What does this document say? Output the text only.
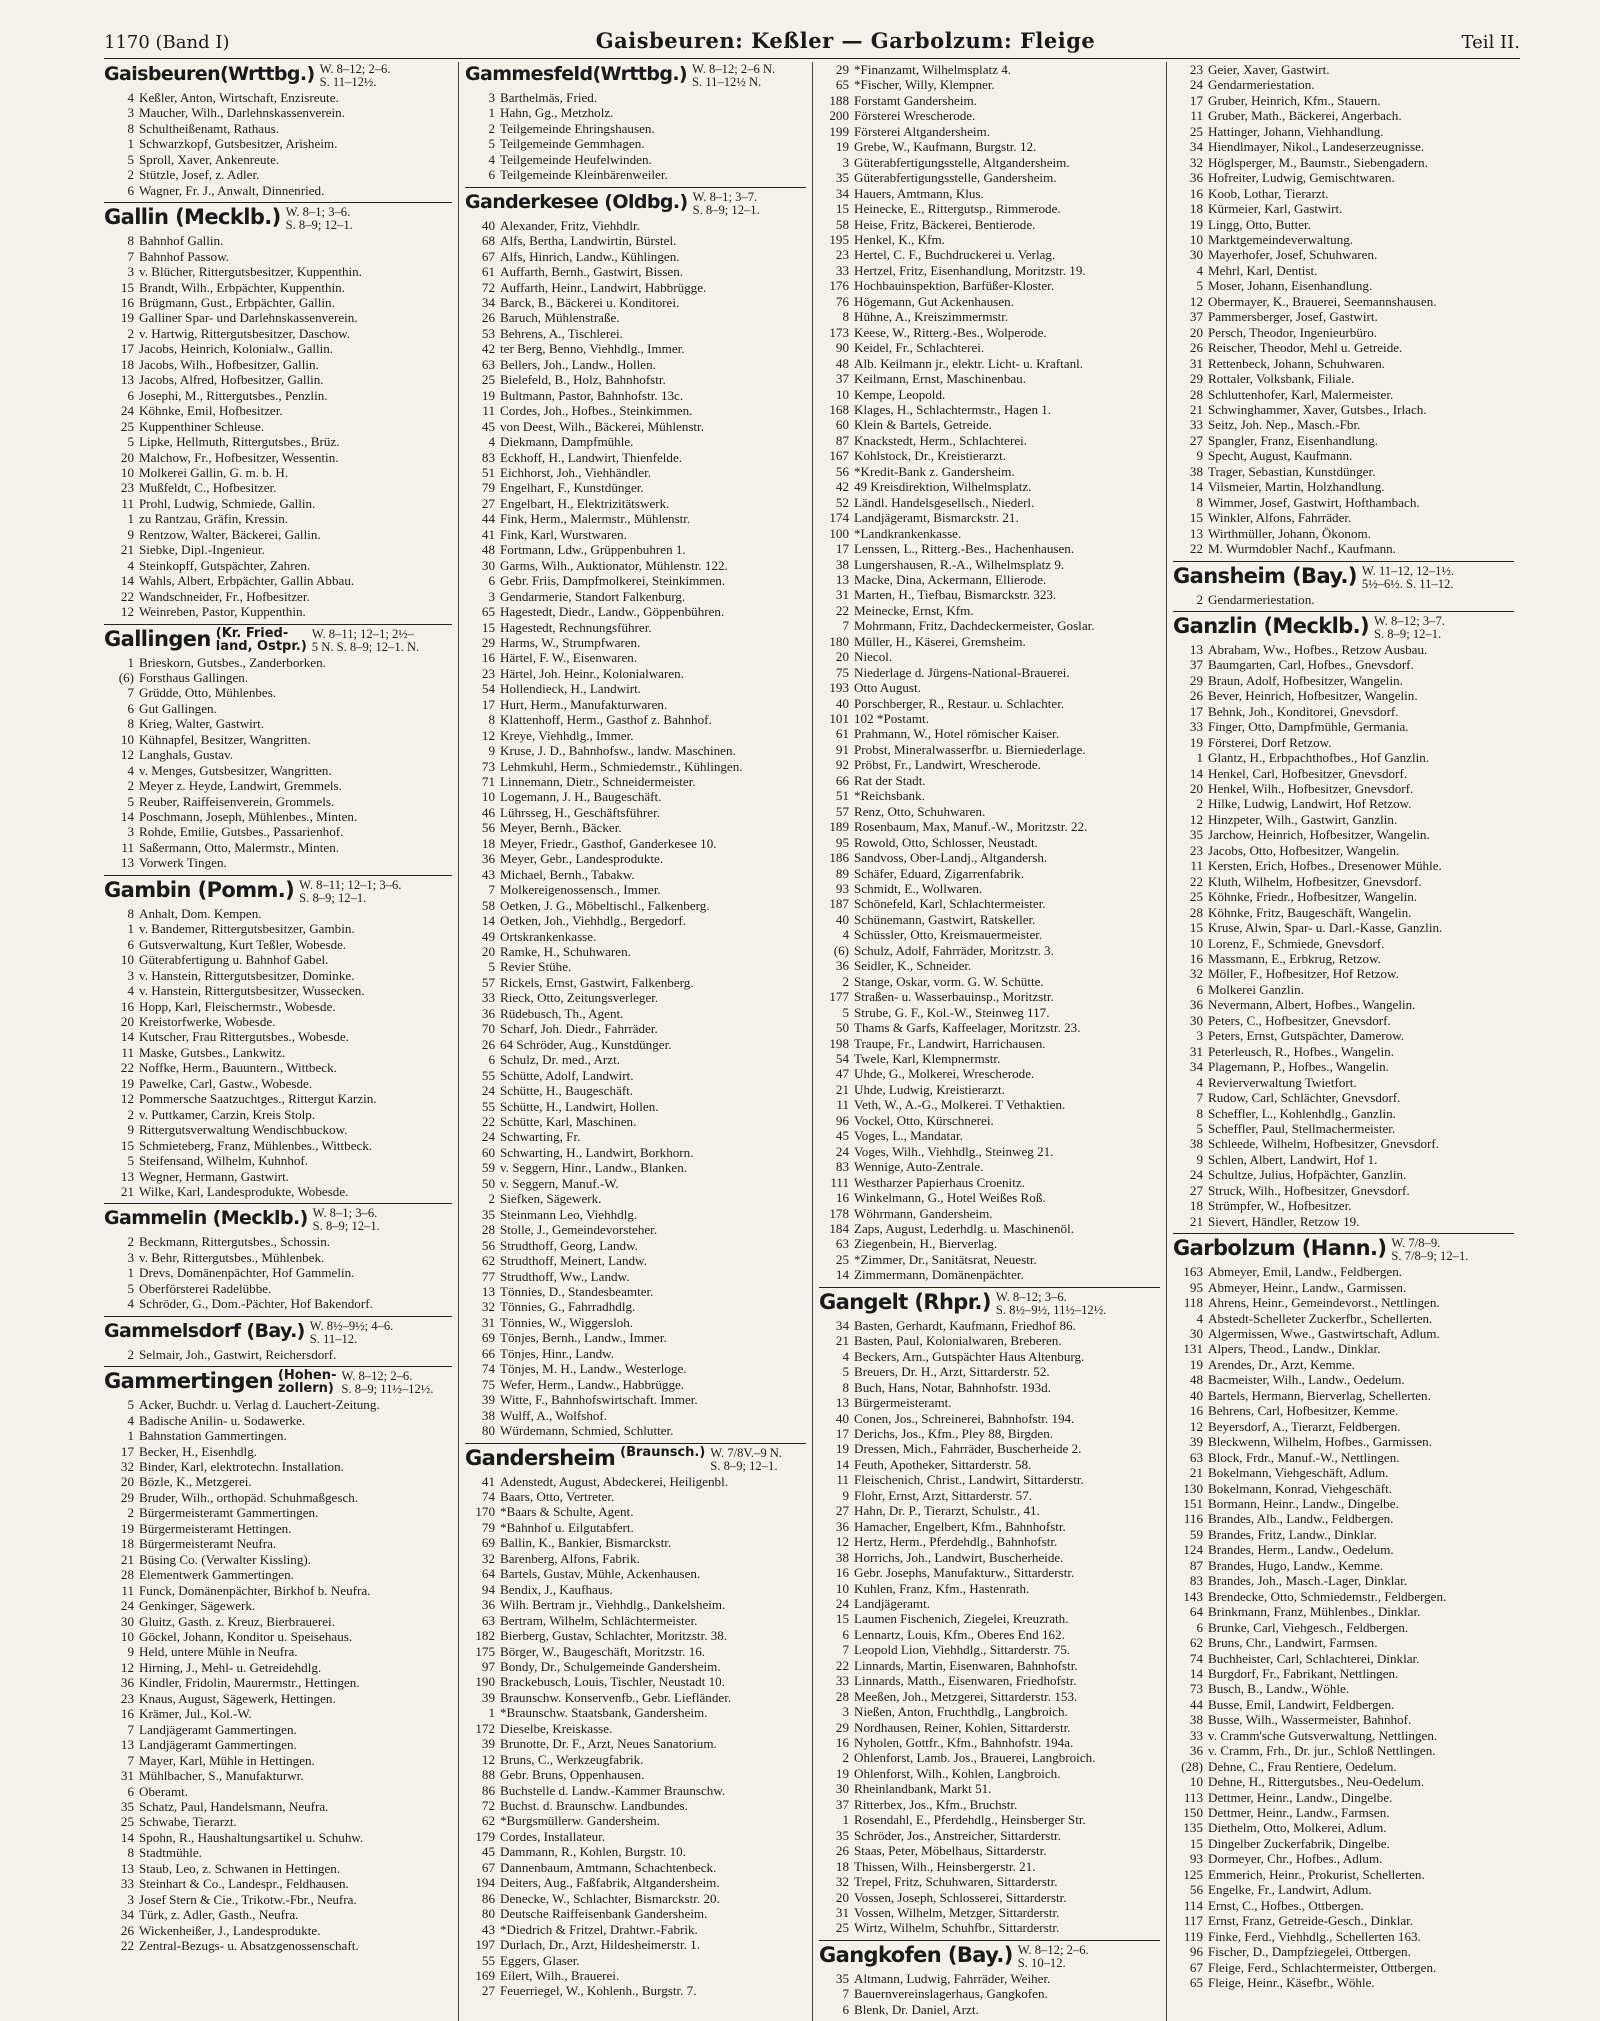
1170 (Band I)	Gaisbeuren: Keßler — Garbolzum: Fleige	Teil II.
Gaisbeuren(Wrttbg.) W. 8–12; 2–6.
S. 11–12½.
4 Keßler, Anton, Wirtschaft, Enzisreute.
3 Maucher, Wilh., Darlehnskassenverein.
8 Schultheißenamt, Rathaus.
1 Schwarzkopf, Gutsbesitzer, Arisheim.
5 Sproll, Xaver, Ankenreute.
2 Stützle, Josef, z. Adler.
6 Wagner, Fr. J., Anwalt, Dinnenried.
Gallin (Mecklb.) W. 8–1; 3–6.
S. 8–9; 12–1.
8 Bahnhof Gallin.
7 Bahnhof Passow.
3 v. Blücher, Rittergutsbesitzer, Kuppenthin.
15 Brandt, Wilh., Erbpächter, Kuppenthin.
16 Brügmann, Gust., Erbpächter, Gallin.
19 Galliner Spar- und Darlehnskassenverein.
2 v. Hartwig, Rittergutsbesitzer, Daschow.
17 Jacobs, Heinrich, Kolonialw., Gallin.
18 Jacobs, Wilh., Hofbesitzer, Gallin.
13 Jacobs, Alfred, Hofbesitzer, Gallin.
6 Josephi, M., Rittergutsbes., Penzlin.
24 Köhnke, Emil, Hofbesitzer.
25 Kuppenthiner Schleuse.
5 Lipke, Hellmuth, Rittergutsbes., Brüz.
20 Malchow, Fr., Hofbesitzer, Wessentin.
10 Molkerei Gallin, G. m. b. H.
23 Mußfeldt, C., Hofbesitzer.
11 Prohl, Ludwig, Schmiede, Gallin.
1 zu Rantzau, Gräfin, Kressin.
9 Rentzow, Walter, Bäckerei, Gallin.
21 Siebke, Dipl.-Ingenieur.
4 Steinkopff, Gutspächter, Zahren.
14 Wahls, Albert, Erbpächter, Gallin Abbau.
22 Wandschneider, Fr., Hofbesitzer.
12 Weinreben, Pastor, Kuppenthin.
Gallingen (Kr. Fried-
land, Ostpr.)
W. 8–11; 12–1; 2½–
5 N. S. 8–9; 12–1. N.
1 Brieskorn, Gutsbes., Zanderborken.
(6) Forsthaus Gallingen.
7 Grüdde, Otto, Mühlenbes.
6 Gut Gallingen.
8 Krieg, Walter, Gastwirt.
10 Kühnapfel, Besitzer, Wangritten.
12 Langhals, Gustav.
4 v. Menges, Gutsbesitzer, Wangritten.
2 Meyer z. Heyde, Landwirt, Gremmels.
5 Reuber, Raiffeisenverein, Grommels.
14 Poschmann, Joseph, Mühlenbes., Minten.
3 Rohde, Emilie, Gutsbes., Passarienhof.
11 Saßermann, Otto, Malermstr., Minten.
13 Vorwerk Tingen.
Gambin (Pomm.) W. 8–11; 12–1; 3–6.
S. 8–9; 12–1.
8 Anhalt, Dom. Kempen.
1 v. Bandemer, Rittergutsbesitzer, Gambin.
6 Gutsverwaltung, Kurt Teßler, Wobesde.
10 Güterabfertigung u. Bahnhof Gabel.
3 v. Hanstein, Rittergutsbesitzer, Dominke.
4 v. Hanstein, Rittergutsbesitzer, Wussecken.
16 Hopp, Karl, Fleischermstr., Wobesde.
20 Kreistorfwerke, Wobesde.
14 Kutscher, Frau Rittergutsbes., Wobesde.
11 Maske, Gutsbes., Lankwitz.
22 Noffke, Herm., Bauuntern., Wittbeck.
19 Pawelke, Carl, Gastw., Wobesde.
12 Pommersche Saatzuchtges., Rittergut Karzin.
2 v. Puttkamer, Carzin, Kreis Stolp.
9 Rittergutsverwaltung Wendischbuckow.
15 Schmieteberg, Franz, Mühlenbes., Wittbeck.
5 Steifensand, Wilhelm, Kuhnhof.
13 Wegner, Hermann, Gastwirt.
21 Wilke, Karl, Landesprodukte, Wobesde.
Gammelin (Mecklb.) W. 8–1; 3–6.
S. 8–9; 12–1.
2 Beckmann, Rittergutsbes., Schossin.
3 v. Behr, Rittergutsbes., Mühlenbek.
1 Drevs, Domänenpächter, Hof Gammelin.
5 Oberförsterei Radelübbe.
4 Schröder, G., Dom.-Pächter, Hof Bakendorf.
Gammelsdorf (Bay.) W. 8½–9½; 4–6.
S. 11–12.
2 Selmair, Joh., Gastwirt, Reichersdorf.
Gammertingen (Hohen-
zollern)
W. 8–12; 2–6.
S. 8–9; 11½–12½.
5 Acker, Buchdr. u. Verlag d. Lauchert-Zeitung.
4 Badische Anilin- u. Sodawerke.
1 Bahnstation Gammertingen.
17 Becker, H., Eisenhdlg.
32 Binder, Karl, elektrotechn. Installation.
20 Bözle, K., Metzgerei.
29 Bruder, Wilh., orthopäd. Schuhmaßgesch.
2 Bürgermeisteramt Gammertingen.
19 Bürgermeisteramt Hettingen.
18 Bürgermeisteramt Neufra.
21 Büsing Co. (Verwalter Kissling).
28 Elementwerk Gammertingen.
11 Funck, Domänenpächter, Birkhof b. Neufra.
24 Genkinger, Sägewerk.
30 Gluitz, Gasth. z. Kreuz, Bierbrauerei.
10 Göckel, Johann, Konditor u. Speisehaus.
9 Held, untere Mühle in Neufra.
12 Hirning, J., Mehl- u. Getreidehdlg.
36 Kindler, Fridolin, Maurermstr., Hettingen.
23 Knaus, August, Sägewerk, Hettingen.
16 Krämer, Jul., Kol.-W.
7 Landjägeramt Gammertingen.
13 Landjägeramt Gammertingen.
7 Mayer, Karl, Mühle in Hettingen.
31 Mühlbacher, S., Manufakturwr.
6 Oberamt.
35 Schatz, Paul, Handelsmann, Neufra.
25 Schwabe, Tierarzt.
14 Spohn, R., Haushaltungsartikel u. Schuhw.
8 Stadtmühle.
13 Staub, Leo, z. Schwanen in Hettingen.
33 Steinhart & Co., Landespr., Feldhausen.
3 Josef Stern & Cie., Trikotw.-Fbr., Neufra.
34 Türk, z. Adler, Gasth., Neufra.
26 Wickenheißer, J., Landesprodukte.
22 Zentral-Bezugs- u. Absatzgenossenschaft.
Gammesfeld(Wrttbg.) W. 8–12; 2–6 N.
S. 11–12½ N.
3 Barthelmäs, Fried.
1 Hahn, Gg., Metzholz.
2 Teilgemeinde Ehringshausen.
5 Teilgemeinde Gemmhagen.
4 Teilgemeinde Heufelwinden.
6 Teilgemeinde Kleinbärenweiler.
Ganderkesee (Oldbg.) W. 8–1; 3–7.
S. 8–9; 12–1.
40 Alexander, Fritz, Viehhdlr.
68 Alfs, Bertha, Landwirtin, Bürstel.
67 Alfs, Hinrich, Landw., Kühlingen.
61 Auffarth, Bernh., Gastwirt, Bissen.
72 Auffarth, Heinr., Landwirt, Habbrügge.
34 Barck, B., Bäckerei u. Konditorei.
26 Baruch, Mühlenstraße.
53 Behrens, A., Tischlerei.
42 ter Berg, Benno, Viehhdlg., Immer.
63 Bellers, Joh., Landw., Hollen.
25 Bielefeld, B., Holz, Bahnhofstr.
19 Bultmann, Pastor, Bahnhofstr. 13c.
11 Cordes, Joh., Hofbes., Steinkimmen.
45 von Deest, Wilh., Bäckerei, Mühlenstr.
4 Diekmann, Dampfmühle.
83 Eckhoff, H., Landwirt, Thienfelde.
51 Eichhorst, Joh., Viehhändler.
79 Engelhart, F., Kunstdünger.
27 Engelbart, H., Elektrizitätswerk.
44 Fink, Herm., Malermstr., Mühlenstr.
41 Fink, Karl, Wurstwaren.
48 Fortmann, Ldw., Grüppenbuhren 1.
30 Garms, Wilh., Auktionator, Mühlenstr. 122.
6 Gebr. Friis, Dampfmolkerei, Steinkimmen.
3 Gendarmerie, Standort Falkenburg.
65 Hagestedt, Diedr., Landw., Göppenbühren.
15 Hagestedt, Rechnungsführer.
29 Harms, W., Strumpfwaren.
16 Härtel, F. W., Eisenwaren.
23 Härtel, Joh. Heinr., Kolonialwaren.
54 Hollendieck, H., Landwirt.
17 Hurt, Herm., Manufakturwaren.
8 Klattenhoff, Herm., Gasthof z. Bahnhof.
12 Kreye, Viehhdlg., Immer.
9 Kruse, J. D., Bahnhofsw., landw. Maschinen.
73 Lehmkuhl, Herm., Schmiedemstr., Kühlingen.
71 Linnemann, Dietr., Schneidermeister.
10 Logemann, J. H., Baugeschäft.
46 Lührsseg, H., Geschäftsführer.
56 Meyer, Bernh., Bäcker.
18 Meyer, Friedr., Gasthof, Ganderkesee 10.
36 Meyer, Gebr., Landesprodukte.
43 Michael, Bernh., Tabakw.
7 Molkereigenossensch., Immer.
58 Oetken, J. G., Möbeltischl., Falkenberg.
14 Oetken, Joh., Viehhdlg., Bergedorf.
49 Ortskrankenkasse.
20 Ramke, H., Schuhwaren.
5 Revier Stühe.
57 Rickels, Ernst, Gastwirt, Falkenberg.
33 Rieck, Otto, Zeitungsverleger.
36 Rüdebusch, Th., Agent.
70 Scharf, Joh. Diedr., Fahrräder.
26 64 Schröder, Aug., Kunstdünger.
6 Schulz, Dr. med., Arzt.
55 Schütte, Adolf, Landwirt.
24 Schütte, H., Baugeschäft.
55 Schütte, H., Landwirt, Hollen.
22 Schütte, Karl, Maschinen.
24 Schwarting, Fr.
60 Schwarting, H., Landwirt, Borkhorn.
59 v. Seggern, Hinr., Landw., Blanken.
50 v. Seggern, Manuf.-W.
2 Siefken, Sägewerk.
35 Steinmann Leo, Viehhdlg.
28 Stolle, J., Gemeindevorsteher.
56 Strudthoff, Georg, Landw.
62 Strudthoff, Meinert, Landw.
77 Strudthoff, Ww., Landw.
13 Tönnies, D., Standesbeamter.
32 Tönnies, G., Fahrradhdlg.
31 Tönnies, W., Wiggersloh.
69 Tönjes, Bernh., Landw., Immer.
66 Tönjes, Hinr., Landw.
74 Tönjes, M. H., Landw., Westerloge.
75 Wefer, Herm., Landw., Habbrügge.
39 Witte, F., Bahnhofswirtschaft. Immer.
38 Wulff, A., Wolfshof.
80 Würdemann, Schmied, Schlutter.
Gandersheim (Braunsch.) W. 7/8V.–9 N.
S. 8–9; 12–1.
41 Adenstedt, August, Abdeckerei, Heiligenbl.
74 Baars, Otto, Vertreter.
170 *Baars & Schulte, Agent.
79 *Bahnhof u. Eilgutabfert.
69 Ballin, K., Bankier, Bismarckstr.
32 Barenberg, Alfons, Fabrik.
64 Bartels, Gustav, Mühle, Ackenhausen.
94 Bendix, J., Kaufhaus.
36 Wilh. Bertram jr., Viehhdlg., Dankelsheim.
63 Bertram, Wilhelm, Schlächtermeister.
182 Bierberg, Gustav, Schlachter, Moritzstr. 38.
175 Börger, W., Baugeschäft, Moritzstr. 16.
97 Bondy, Dr., Schulgemeinde Gandersheim.
190 Brackebusch, Louis, Tischler, Neustadt 10.
39 Braunschw. Konservenfb., Gebr. Liefländer.
1 *Braunschw. Staatsbank, Gandersheim.
172 Dieselbe, Kreiskasse.
39 Brunotte, Dr. F., Arzt, Neues Sanatorium.
12 Bruns, C., Werkzeugfabrik.
88 Gebr. Bruns, Oppenhausen.
86 Buchstelle d. Landw.-Kammer Braunschw.
72 Buchst. d. Braunschw. Landbundes.
62 *Burgsmüllerw. Gandersheim.
179 Cordes, Installateur.
45 Dammann, R., Kohlen, Burgstr. 10.
67 Dannenbaum, Amtmann, Schachtenbeck.
194 Deiters, Aug., Faßfabrik, Altgandersheim.
86 Denecke, W., Schlachter, Bismarckstr. 20.
80 Deutsche Raiffeisenbank Gandersheim.
43 *Diedrich & Fritzel, Drahtwr.-Fabrik.
197 Durlach, Dr., Arzt, Hildesheimerstr. 1.
55 Eggers, Glaser.
169 Eilert, Wilh., Brauerei.
27 Feuerriegel, W., Kohlenh., Burgstr. 7.
29 *Finanzamt, Wilhelmsplatz 4.
65 *Fischer, Willy, Klempner.
188 Forstamt Gandersheim.
200 Försterei Wrescherode.
199 Försterei Altgandersheim.
19 Grebe, W., Kaufmann, Burgstr. 12.
3 Güterabfertigungsstelle, Altgandersheim.
35 Güterabfertigungsstelle, Gandersheim.
34 Hauers, Amtmann, Klus.
15 Heinecke, E., Rittergutsp., Rimmerode.
58 Heise, Fritz, Bäckerei, Bentierode.
195 Henkel, K., Kfm.
23 Hertel, C. F., Buchdruckerei u. Verlag.
33 Hertzel, Fritz, Eisenhandlung, Moritzstr. 19.
176 Hochbauinspektion, Barfüßer-Kloster.
76 Högemann, Gut Ackenhausen.
8 Hühne, A., Kreiszimmermstr.
173 Keese, W., Ritterg.-Bes., Wolperode.
90 Keidel, Fr., Schlachterei.
48 Alb. Keilmann jr., elektr. Licht- u. Kraftanl.
37 Keilmann, Ernst, Maschinenbau.
10 Kempe, Leopold.
168 Klages, H., Schlachtermstr., Hagen 1.
60 Klein & Bartels, Getreide.
87 Knackstedt, Herm., Schlachterei.
167 Kohlstock, Dr., Kreistierarzt.
56 *Kredit-Bank z. Gandersheim.
42 49 Kreisdirektion, Wilhelmsplatz.
52 Ländl. Handelsgesellsch., Niederl.
174 Landjägeramt, Bismarckstr. 21.
100 *Landkrankenkasse.
17 Lenssen, L., Ritterg.-Bes., Hachenhausen.
38 Lungershausen, R.-A., Wilhelmsplatz 9.
13 Macke, Dina, Ackermann, Ellierode.
31 Marten, H., Tiefbau, Bismarckstr. 323.
22 Meinecke, Ernst, Kfm.
7 Mohrmann, Fritz, Dachdeckermeister, Goslar.
180 Müller, H., Käserei, Gremsheim.
20 Niecol.
75 Niederlage d. Jürgens-National-Brauerei.
193 Otto August.
40 Porschberger, R., Restaur. u. Schlachter.
101 102 *Postamt.
61 Prahmann, W., Hotel römischer Kaiser.
91 Probst, Mineralwasserfbr. u. Bierniederlage.
92 Pröbst, Fr., Landwirt, Wrescherode.
66 Rat der Stadt.
51 *Reichsbank.
57 Renz, Otto, Schuhwaren.
189 Rosenbaum, Max, Manuf.-W., Moritzstr. 22.
95 Rowold, Otto, Schlosser, Neustadt.
186 Sandvoss, Ober-Landj., Altgandersh.
89 Schäfer, Eduard, Zigarrenfabrik.
93 Schmidt, E., Wollwaren.
187 Schönefeld, Karl, Schlachtermeister.
40 Schünemann, Gastwirt, Ratskeller.
4 Schüssler, Otto, Kreismauermeister.
(6) Schulz, Adolf, Fahrräder, Moritzstr. 3.
36 Seidler, K., Schneider.
2 Stange, Oskar, vorm. G. W. Schütte.
177 Straßen- u. Wasserbauinsp., Moritzstr.
5 Strube, G. F., Kol.-W., Steinweg 117.
50 Thams & Garfs, Kaffeelager, Moritzstr. 23.
198 Traupe, Fr., Landwirt, Harrichausen.
54 Twele, Karl, Klempnermstr.
47 Uhde, G., Molkerei, Wrescherode.
21 Uhde, Ludwig, Kreistierarzt.
11 Veth, W., A.-G., Molkerei. T Vethaktien.
96 Vockel, Otto, Kürschnerei.
45 Voges, L., Mandatar.
24 Voges, Wilh., Viehhdlg., Steinweg 21.
83 Wennige, Auto-Zentrale.
111 Westharzer Papierhaus Croenitz.
16 Winkelmann, G., Hotel Weißes Roß.
178 Wöhrmann, Gandersheim.
184 Zaps, August, Lederhdlg. u. Maschinenöl.
63 Ziegenbein, H., Bierverlag.
25 *Zimmer, Dr., Sanitätsrat, Neuestr.
14 Zimmermann, Domänenpächter.
Gangelt (Rhpr.) W. 8–12; 3–6.
S. 8½–9½, 11½–12½.
34 Basten, Gerhardt, Kaufmann, Friedhof 86.
21 Basten, Paul, Kolonialwaren, Breberen.
4 Beckers, Arn., Gutspächter Haus Altenburg.
5 Breuers, Dr. H., Arzt, Sittarderstr. 52.
8 Buch, Hans, Notar, Bahnhofstr. 193d.
13 Bürgermeisteramt.
40 Conen, Jos., Schreinerei, Bahnhofstr. 194.
17 Derichs, Jos., Kfm., Pley 88, Birgden.
19 Dressen, Mich., Fahrräder, Buscherheide 2.
14 Feuth, Apotheker, Sittarderstr. 58.
11 Fleischenich, Christ., Landwirt, Sittarderstr.
9 Flohr, Ernst, Arzt, Sittarderstr. 57.
27 Hahn, Dr. P., Tierarzt, Schulstr., 41.
36 Hamacher, Engelbert, Kfm., Bahnhofstr.
12 Hertz, Herm., Pferdehdlg., Bahnhofstr.
38 Horrichs, Joh., Landwirt, Buscherheide.
16 Gebr. Josephs, Manufakturw., Sittarderstr.
10 Kuhlen, Franz, Kfm., Hastenrath.
24 Landjägeramt.
15 Laumen Fischenich, Ziegelei, Kreuzrath.
6 Lennartz, Louis, Kfm., Oberes End 162.
7 Leopold Lion, Viehhdlg., Sittarderstr. 75.
22 Linnards, Martin, Eisenwaren, Bahnhofstr.
33 Linnards, Matth., Eisenwaren, Friedhofstr.
28 Meeßen, Joh., Metzgerei, Sittarderstr. 153.
3 Nießen, Anton, Fruchthdlg., Langbroich.
29 Nordhausen, Reiner, Kohlen, Sittarderstr.
16 Nyholen, Gottfr., Kfm., Bahnhofstr. 194a.
2 Ohlenforst, Lamb. Jos., Brauerei, Langbroich.
19 Ohlenforst, Wilh., Kohlen, Langbroich.
30 Rheinlandbank, Markt 51.
37 Ritterbex, Jos., Kfm., Bruchstr.
1 Rosendahl, E., Pferdehdlg., Heinsberger Str.
35 Schröder, Jos., Anstreicher, Sittarderstr.
26 Staas, Peter, Möbelhaus, Sittarderstr.
18 Thissen, Wilh., Heinsbergerstr. 21.
32 Trepel, Fritz, Schuhwaren, Sittarderstr.
20 Vossen, Joseph, Schlosserei, Sittarderstr.
31 Vossen, Wilhelm, Metzger, Sittarderstr.
25 Wirtz, Wilhelm, Schuhfbr., Sittarderstr.
Gangkofen (Bay.) W. 8–12; 2–6.
S. 10–12.
35 Altmann, Ludwig, Fahrräder, Weiher.
7 Bauernvereinslagerhaus, Gangkofen.
6 Blenk, Dr. Daniel, Arzt.
23 Geier, Xaver, Gastwirt.
24 Gendarmeriestation.
17 Gruber, Heinrich, Kfm., Stauern.
11 Gruber, Math., Bäckerei, Angerbach.
25 Hattinger, Johann, Viehhandlung.
34 Hiendlmayer, Nikol., Landeserzeugnisse.
32 Höglsperger, M., Baumstr., Siebengadern.
36 Hofreiter, Ludwig, Gemischtwaren.
16 Koob, Lothar, Tierarzt.
18 Kürmeier, Karl, Gastwirt.
19 Lingg, Otto, Butter.
10 Marktgemeindeverwaltung.
30 Mayerhofer, Josef, Schuhwaren.
4 Mehrl, Karl, Dentist.
5 Moser, Johann, Eisenhandlung.
12 Obermayer, K., Brauerei, Seemannshausen.
37 Pammersberger, Josef, Gastwirt.
20 Persch, Theodor, Ingenieurbüro.
26 Reischer, Theodor, Mehl u. Getreide.
31 Rettenbeck, Johann, Schuhwaren.
29 Rottaler, Volksbank, Filiale.
28 Schluttenhofer, Karl, Malermeister.
21 Schwinghammer, Xaver, Gutsbes., Irlach.
33 Seitz, Joh. Nep., Masch.-Fbr.
27 Spangler, Franz, Eisenhandlung.
9 Specht, August, Kaufmann.
38 Trager, Sebastian, Kunstdünger.
14 Vilsmeier, Martin, Holzhandlung.
8 Wimmer, Josef, Gastwirt, Hofthambach.
15 Winkler, Alfons, Fahrräder.
13 Wirthmüller, Johann, Ökonom.
22 M. Wurmdobler Nachf., Kaufmann.
Gansheim (Bay.) W. 11–12, 12–1½.
5½–6½. S. 11–12.
2 Gendarmeriestation.
Ganzlin (Mecklb.) W. 8–12; 3–7.
S. 8–9; 12–1.
13 Abraham, Ww., Hofbes., Retzow Ausbau.
37 Baumgarten, Carl, Hofbes., Gnevsdorf.
29 Braun, Adolf, Hofbesitzer, Wangelin.
26 Bever, Heinrich, Hofbesitzer, Wangelin.
17 Behnk, Joh., Konditorei, Gnevsdorf.
33 Finger, Otto, Dampfmühle, Germania.
19 Försterei, Dorf Retzow.
1 Glantz, H., Erbpachthofbes., Hof Ganzlin.
14 Henkel, Carl, Hofbesitzer, Gnevsdorf.
20 Henkel, Wilh., Hofbesitzer, Gnevsdorf.
2 Hilke, Ludwig, Landwirt, Hof Retzow.
12 Hinzpeter, Wilh., Gastwirt, Ganzlin.
35 Jarchow, Heinrich, Hofbesitzer, Wangelin.
23 Jacobs, Otto, Hofbesitzer, Wangelin.
11 Kersten, Erich, Hofbes., Dresenower Mühle.
22 Kluth, Wilhelm, Hofbesitzer, Gnevsdorf.
25 Köhnke, Friedr., Hofbesitzer, Wangelin.
28 Köhnke, Fritz, Baugeschäft, Wangelin.
15 Kruse, Alwin, Spar- u. Darl.-Kasse, Ganzlin.
10 Lorenz, F., Schmiede, Gnevsdorf.
16 Massmann, E., Erbkrug, Retzow.
32 Möller, F., Hofbesitzer, Hof Retzow.
6 Molkerei Ganzlin.
36 Nevermann, Albert, Hofbes., Wangelin.
30 Peters, C., Hofbesitzer, Gnevsdorf.
3 Peters, Ernst, Gutspächter, Damerow.
31 Peterleusch, R., Hofbes., Wangelin.
34 Plagemann, P., Hofbes., Wangelin.
4 Revierverwaltung Twietfort.
7 Rudow, Carl, Schlächter, Gnevsdorf.
8 Scheffler, L., Kohlenhdlg., Ganzlin.
5 Scheffler, Paul, Stellmachermeister.
38 Schleede, Wilhelm, Hofbesitzer, Gnevsdorf.
9 Schlen, Albert, Landwirt, Hof 1.
24 Schultze, Julius, Hofpächter, Ganzlin.
27 Struck, Wilh., Hofbesitzer, Gnevsdorf.
18 Strümpfer, W., Hofbesitzer.
21 Sievert, Händler, Retzow 19.
Garbolzum (Hann.) W. 7/8–9.
S. 7/8–9; 12–1.
163 Abmeyer, Emil, Landw., Feldbergen.
95 Abmeyer, Heinr., Landw., Garmissen.
118 Ahrens, Heinr., Gemeindevorst., Nettlingen.
4 Abstedt-Schelleter Zuckerfbr., Schellerten.
30 Algermissen, Wwe., Gastwirtschaft, Adlum.
131 Alpers, Theod., Landw., Dinklar.
19 Arendes, Dr., Arzt, Kemme.
48 Bacmeister, Wilh., Landw., Oedelum.
40 Bartels, Hermann, Bierverlag, Schellerten.
16 Behrens, Carl, Hofbesitzer, Kemme.
12 Beyersdorf, A., Tierarzt, Feldbergen.
39 Bleckwenn, Wilhelm, Hofbes., Garmissen.
63 Block, Frdr., Manuf.-W., Nettlingen.
21 Bokelmann, Viehgeschäft, Adlum.
130 Bokelmann, Konrad, Viehgeschäft.
151 Bormann, Heinr., Landw., Dingelbe.
116 Brandes, Alb., Landw., Feldbergen.
59 Brandes, Fritz, Landw., Dinklar.
124 Brandes, Herm., Landw., Oedelum.
87 Brandes, Hugo, Landw., Kemme.
83 Brandes, Joh., Masch.-Lager, Dinklar.
143 Brendecke, Otto, Schmiedemstr., Feldbergen.
64 Brinkmann, Franz, Mühlenbes., Dinklar.
6 Brunke, Carl, Viehgesch., Feldbergen.
62 Bruns, Chr., Landwirt, Farmsen.
74 Buchheister, Carl, Schlachterei, Dinklar.
14 Burgdorf, Fr., Fabrikant, Nettlingen.
73 Busch, B., Landw., Wöhle.
44 Busse, Emil, Landwirt, Feldbergen.
38 Busse, Wilh., Wassermeister, Bahnhof.
33 v. Cramm'sche Gutsverwaltung, Nettlingen.
36 v. Cramm, Frh., Dr. jur., Schloß Nettlingen.
(28) Dehne, C., Frau Rentiere, Oedelum.
10 Dehne, H., Rittergutsbes., Neu-Oedelum.
113 Dettmer, Heinr., Landw., Dingelbe.
150 Dettmer, Heinr., Landw., Farmsen.
135 Diethelm, Otto, Molkerei, Adlum.
15 Dingelber Zuckerfabrik, Dingelbe.
93 Dormeyer, Chr., Hofbes., Adlum.
125 Emmerich, Heinr., Prokurist, Schellerten.
56 Engelke, Fr., Landwirt, Adlum.
114 Ernst, C., Hofbes., Ottbergen.
117 Ernst, Franz, Getreide-Gesch., Dinklar.
119 Finke, Ferd., Viehhdlg., Schellerten 163.
96 Fischer, D., Dampfziegelei, Ottbergen.
67 Fleige, Ferd., Schlachtermeister, Ottbergen.
65 Fleige, Heinr., Käsefbr., Wöhle.
